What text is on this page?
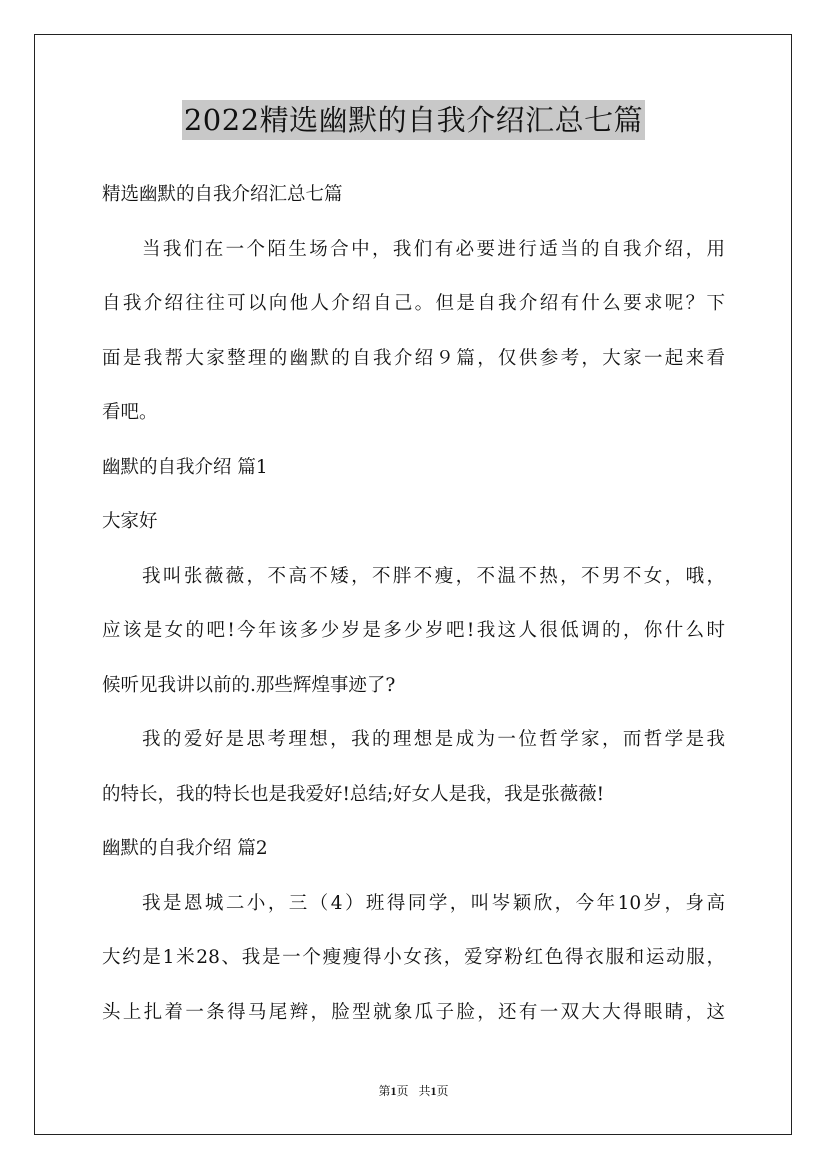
2022精选幽默的自我介绍汇总七篇
精选幽默的自我介绍汇总七篇
当我们在一个陌生场合中，我们有必要进行适当的自我介绍，用
自我介绍往往可以向他人介绍自己。但是自我介绍有什么要求呢？下
面是我帮大家整理的幽默的自我介绍９篇，仅供参考，大家一起来看
看吧。
幽默的自我介绍 篇1
大家好
我叫张薇薇，不高不矮，不胖不瘦，不温不热，不男不女，哦，
应该是女的吧!今年该多少岁是多少岁吧!我这人很低调的，你什么时
候听见我讲以前的.那些辉煌事迹了?
我的爱好是思考理想，我的理想是成为一位哲学家，而哲学是我
的特长，我的特长也是我爱好!总结;好女人是我，我是张薇薇!
幽默的自我介绍 篇2
我是恩城二小，三（4）班得同学，叫岑颖欣，今年10岁，身高
大约是1米28、我是一个瘦瘦得小女孩，爱穿粉红色得衣服和运动服，
头上扎着一条得马尾辫，脸型就象瓜子脸，还有一双大大得眼睛，这
第1页 共1页
